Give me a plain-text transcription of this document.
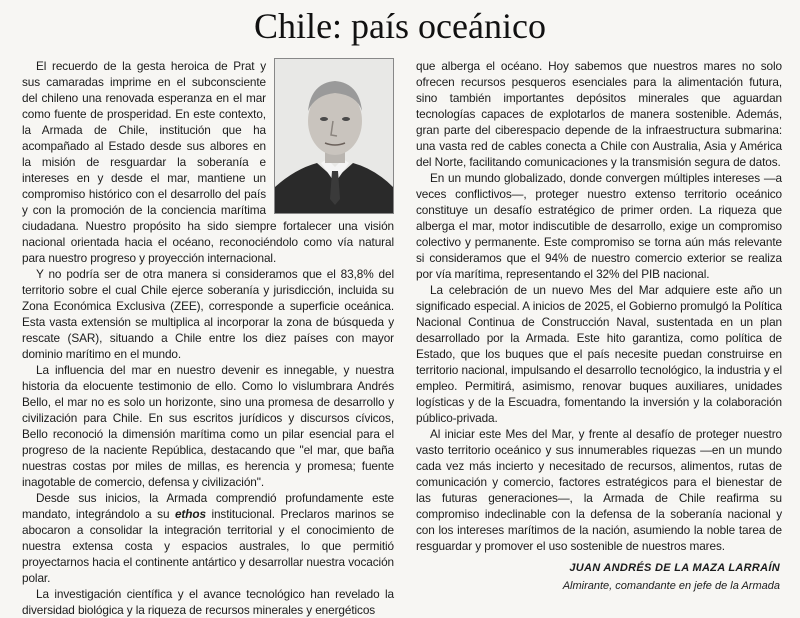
Chile: país oceánico

El recuerdo de la gesta heroica de Prat y sus camaradas imprime en el subconsciente del chileno una renovada esperanza en el mar como fuente de prosperidad. En este contexto, la Armada de Chile, institución que ha acompañado al Estado desde sus albores en la misión de resguardar la soberanía e intereses en y desde el mar, mantiene un compromiso histórico con el desarrollo del país y con la promoción de la conciencia marítima ciudadana. Nuestro propósito ha sido siempre fortalecer una visión nacional orientada hacia el océano, reconociéndolo como vía natural para nuestro progreso y proyección internacional.

Y no podría ser de otra manera si consideramos que el 83,8% del territorio sobre el cual Chile ejerce soberanía y jurisdicción, incluida su Zona Económica Exclusiva (ZEE), corresponde a superficie oceánica. Esta vasta extensión se multiplica al incorporar la zona de búsqueda y rescate (SAR), situando a Chile entre los diez países con mayor dominio marítimo en el mundo.

La influencia del mar en nuestro devenir es innegable, y nuestra historia da elocuente testimonio de ello. Como lo vislumbrara Andrés Bello, el mar no es solo un horizonte, sino una promesa de desarrollo y civilización para Chile. En sus escritos jurídicos y discursos cívicos, Bello reconoció la dimensión marítima como un pilar esencial para el progreso de la naciente República, destacando que "el mar, que baña nuestras costas por miles de millas, es herencia y promesa; fuente inagotable de comercio, defensa y civilización".

Desde sus inicios, la Armada comprendió profundamente este mandato, integrándolo a su ethos institucional. Preclaros marinos se abocaron a consolidar la integración territorial y el conocimiento de nuestra extensa costa y espacios australes, lo que permitió proyectarnos hacia el continente antártico y desarrollar nuestra vocación polar.

La investigación científica y el avance tecnológico han revelado la diversidad biológica y la riqueza de recursos minerales y energéticos

que alberga el océano. Hoy sabemos que nuestros mares no solo ofrecen recursos pesqueros esenciales para la alimentación futura, sino también importantes depósitos minerales que aguardan tecnologías capaces de explotarlos de manera sostenible. Además, gran parte del ciberespacio depende de la infraestructura submarina: una vasta red de cables conecta a Chile con Australia, Asia y América del Norte, facilitando comunicaciones y la transmisión segura de datos.

En un mundo globalizado, donde convergen múltiples intereses —a veces conflictivos—, proteger nuestro extenso territorio oceánico constituye un desafío estratégico de primer orden. La riqueza que alberga el mar, motor indiscutible de desarrollo, exige un compromiso colectivo y permanente. Este compromiso se torna aún más relevante si consideramos que el 94% de nuestro comercio exterior se realiza por vía marítima, representando el 32% del PIB nacional.

La celebración de un nuevo Mes del Mar adquiere este año un significado especial. A inicios de 2025, el Gobierno promulgó la Política Nacional Continua de Construcción Naval, sustentada en un plan desarrollado por la Armada. Este hito garantiza, como política de Estado, que los buques que el país necesite puedan construirse en territorio nacional, impulsando el desarrollo tecnológico, la industria y el empleo. Permitirá, asimismo, renovar buques auxiliares, unidades logísticas y de la Escuadra, fomentando la inversión y la colaboración público-privada.

Al iniciar este Mes del Mar, y frente al desafío de proteger nuestro vasto territorio oceánico y sus innumerables riquezas —en un mundo cada vez más incierto y necesitado de recursos, alimentos, rutas de comunicación y comercio, factores estratégicos para el bienestar de las futuras generaciones—, la Armada de Chile reafirma su compromiso indeclinable con la defensa de la soberanía nacional y con los intereses marítimos de la nación, asumiendo la noble tarea de resguardar y promover el uso sostenible de nuestros mares.

JUAN ANDRÉS DE LA MAZA LARRAÍN
Almirante, comandante en jefe de la Armada
